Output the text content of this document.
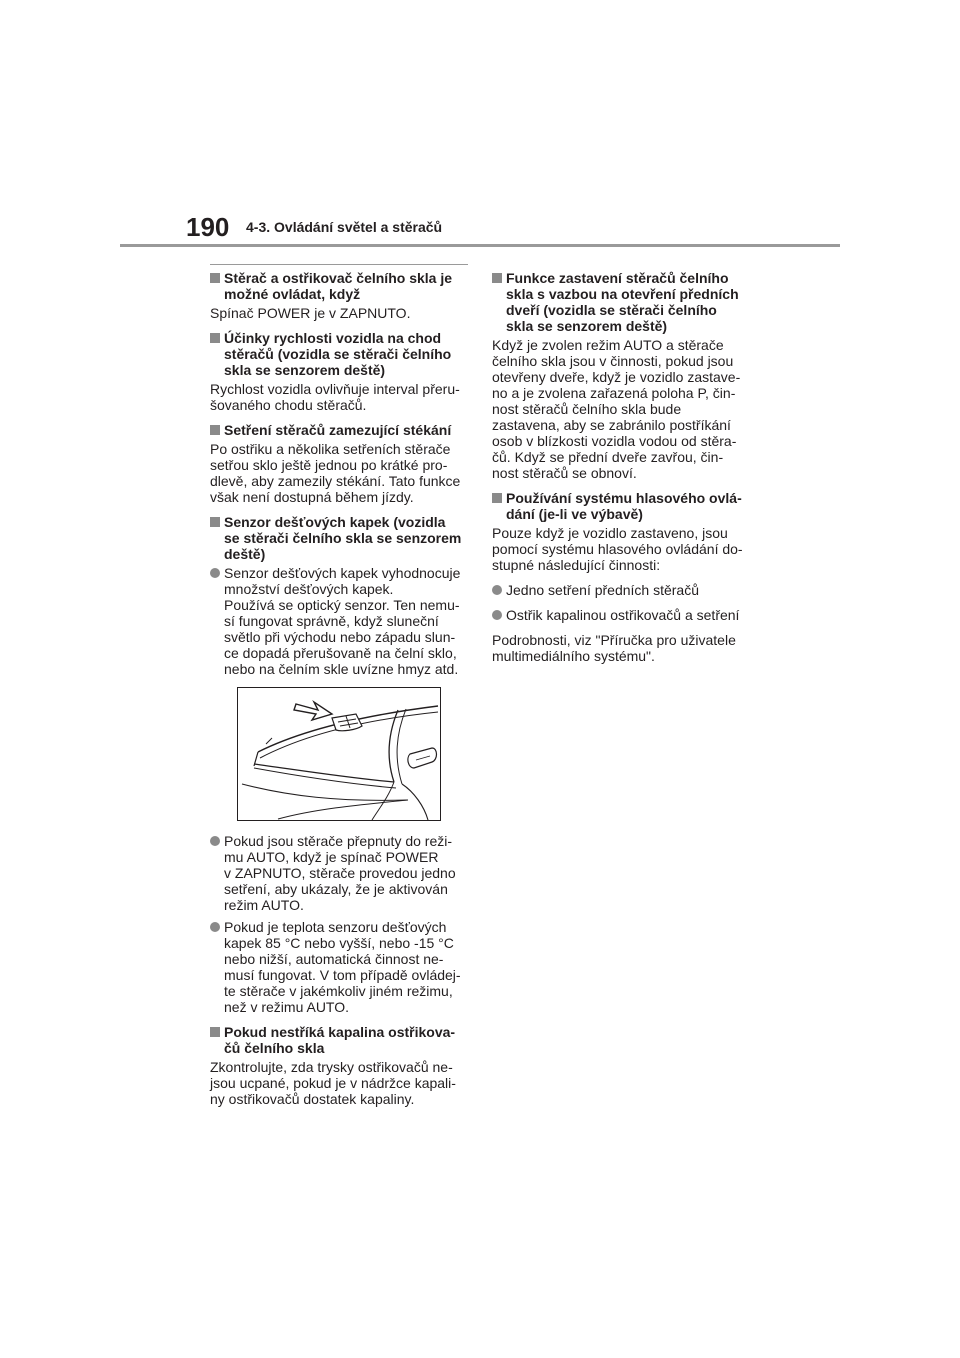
190 4-3. Ovládání světel a stěračů
Stěrač a ostřikovač čelního skla je
možné ovládat, když
Spínač POWER je v ZAPNUTO.
Účinky rychlosti vozidla na chod
stěračů (vozidla se stěrači čelního
skla se senzorem deště)
Rychlost vozidla ovlivňuje interval přeru-
šovaného chodu stěračů.
Setření stěračů zamezující stékání
Po ostřiku a několika setřeních stěrače
setřou sklo ještě jednou po krátké pro-
dlevě, aby zamezily stékání. Tato funkce
však není dostupná během jízdy.
Senzor dešťových kapek (vozidla
se stěrači čelního skla se senzorem
deště)
Senzor dešťových kapek vyhodnocuje
množství dešťových kapek.
Používá se optický senzor. Ten nemu-
sí fungovat správně, když sluneční
světlo při východu nebo západu slun-
ce dopadá přerušovaně na čelní sklo,
nebo na čelním skle uvízne hmyz atd.
Pokud jsou stěrače přepnuty do reži-
mu AUTO, když je spínač POWER
v ZAPNUTO, stěrače provedou jedno
setření, aby ukázaly, že je aktivován
režim AUTO.
Pokud je teplota senzoru dešťových
kapek 85 °C nebo vyšší, nebo -15 °C
nebo nižší, automatická činnost ne-
musí fungovat. V tom případě ovládej-
te stěrače v jakémkoliv jiném režimu,
než v režimu AUTO.
Pokud nestříká kapalina ostřikova-
čů čelního skla
Zkontrolujte, zda trysky ostřikovačů ne-
jsou ucpané, pokud je v nádržce kapali-
ny ostřikovačů dostatek kapaliny.
Funkce zastavení stěračů čelního
skla s vazbou na otevření předních
dveří (vozidla se stěrači čelního
skla se senzorem deště)
Když je zvolen režim AUTO a stěrače
čelního skla jsou v činnosti, pokud jsou
otevřeny dveře, když je vozidlo zastave-
no a je zvolena zařazená poloha P, čin-
nost stěračů čelního skla bude
zastavena, aby se zabránilo postříkání
osob v blízkosti vozidla vodou od stěra-
čů. Když se přední dveře zavřou, čin-
nost stěračů se obnoví.
Používání systému hlasového ovlá-
dání (je-li ve výbavě)
Pouze když je vozidlo zastaveno, jsou
pomocí systému hlasového ovládání do-
stupné následující činnosti:
Jedno setření předních stěračů
Ostřik kapalinou ostřikovačů a setření
Podrobnosti, viz "Příručka pro uživatele
multimediálního systému".
